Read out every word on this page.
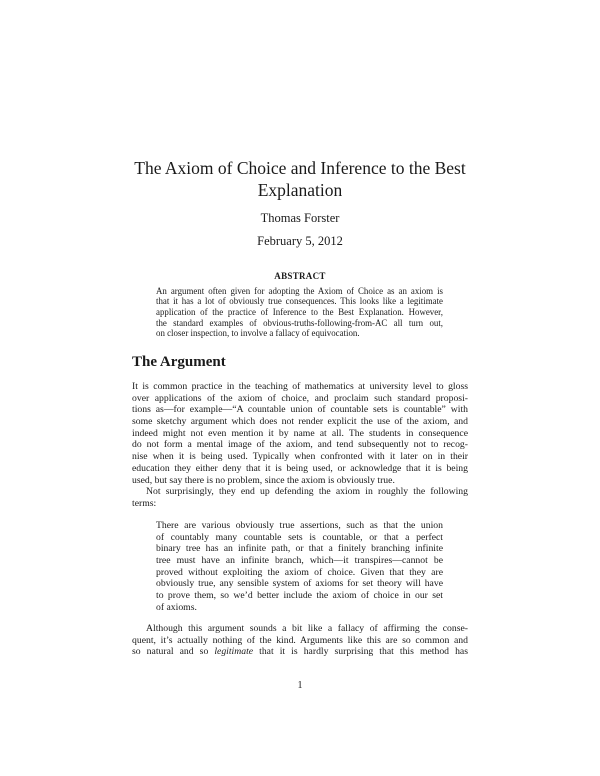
The Axiom of Choice and Inference to the Best
Explanation
Thomas Forster
February 5, 2012
ABSTRACT
An argument often given for adopting the Axiom of Choice as an axiom is
that it has a lot of obviously true consequences. This looks like a legitimate
application of the practice of Inference to the Best Explanation. However,
the standard examples of obvious-truths-following-from-AC all turn out,
on closer inspection, to involve a fallacy of equivocation.
The Argument
It is common practice in the teaching of mathematics at university level to gloss
over applications of the axiom of choice, and proclaim such standard proposi-
tions as—for example—“A countable union of countable sets is countable” with
some sketchy argument which does not render explicit the use of the axiom, and
indeed might not even mention it by name at all. The students in consequence
do not form a mental image of the axiom, and tend subsequently not to recog-
nise when it is being used. Typically when confronted with it later on in their
education they either deny that it is being used, or acknowledge that it is being
used, but say there is no problem, since the axiom is obviously true.
Not surprisingly, they end up defending the axiom in roughly the following
terms:
There are various obviously true assertions, such as that the union
of countably many countable sets is countable, or that a perfect
binary tree has an infinite path, or that a finitely branching infinite
tree must have an infinite branch, which—it transpires—cannot be
proved without exploiting the axiom of choice. Given that they are
obviously true, any sensible system of axioms for set theory will have
to prove them, so we’d better include the axiom of choice in our set
of axioms.
Although this argument sounds a bit like a fallacy of affirming the conse-
quent, it’s actually nothing of the kind. Arguments like this are so common and
so natural and so legitimate that it is hardly surprising that this method has
1
